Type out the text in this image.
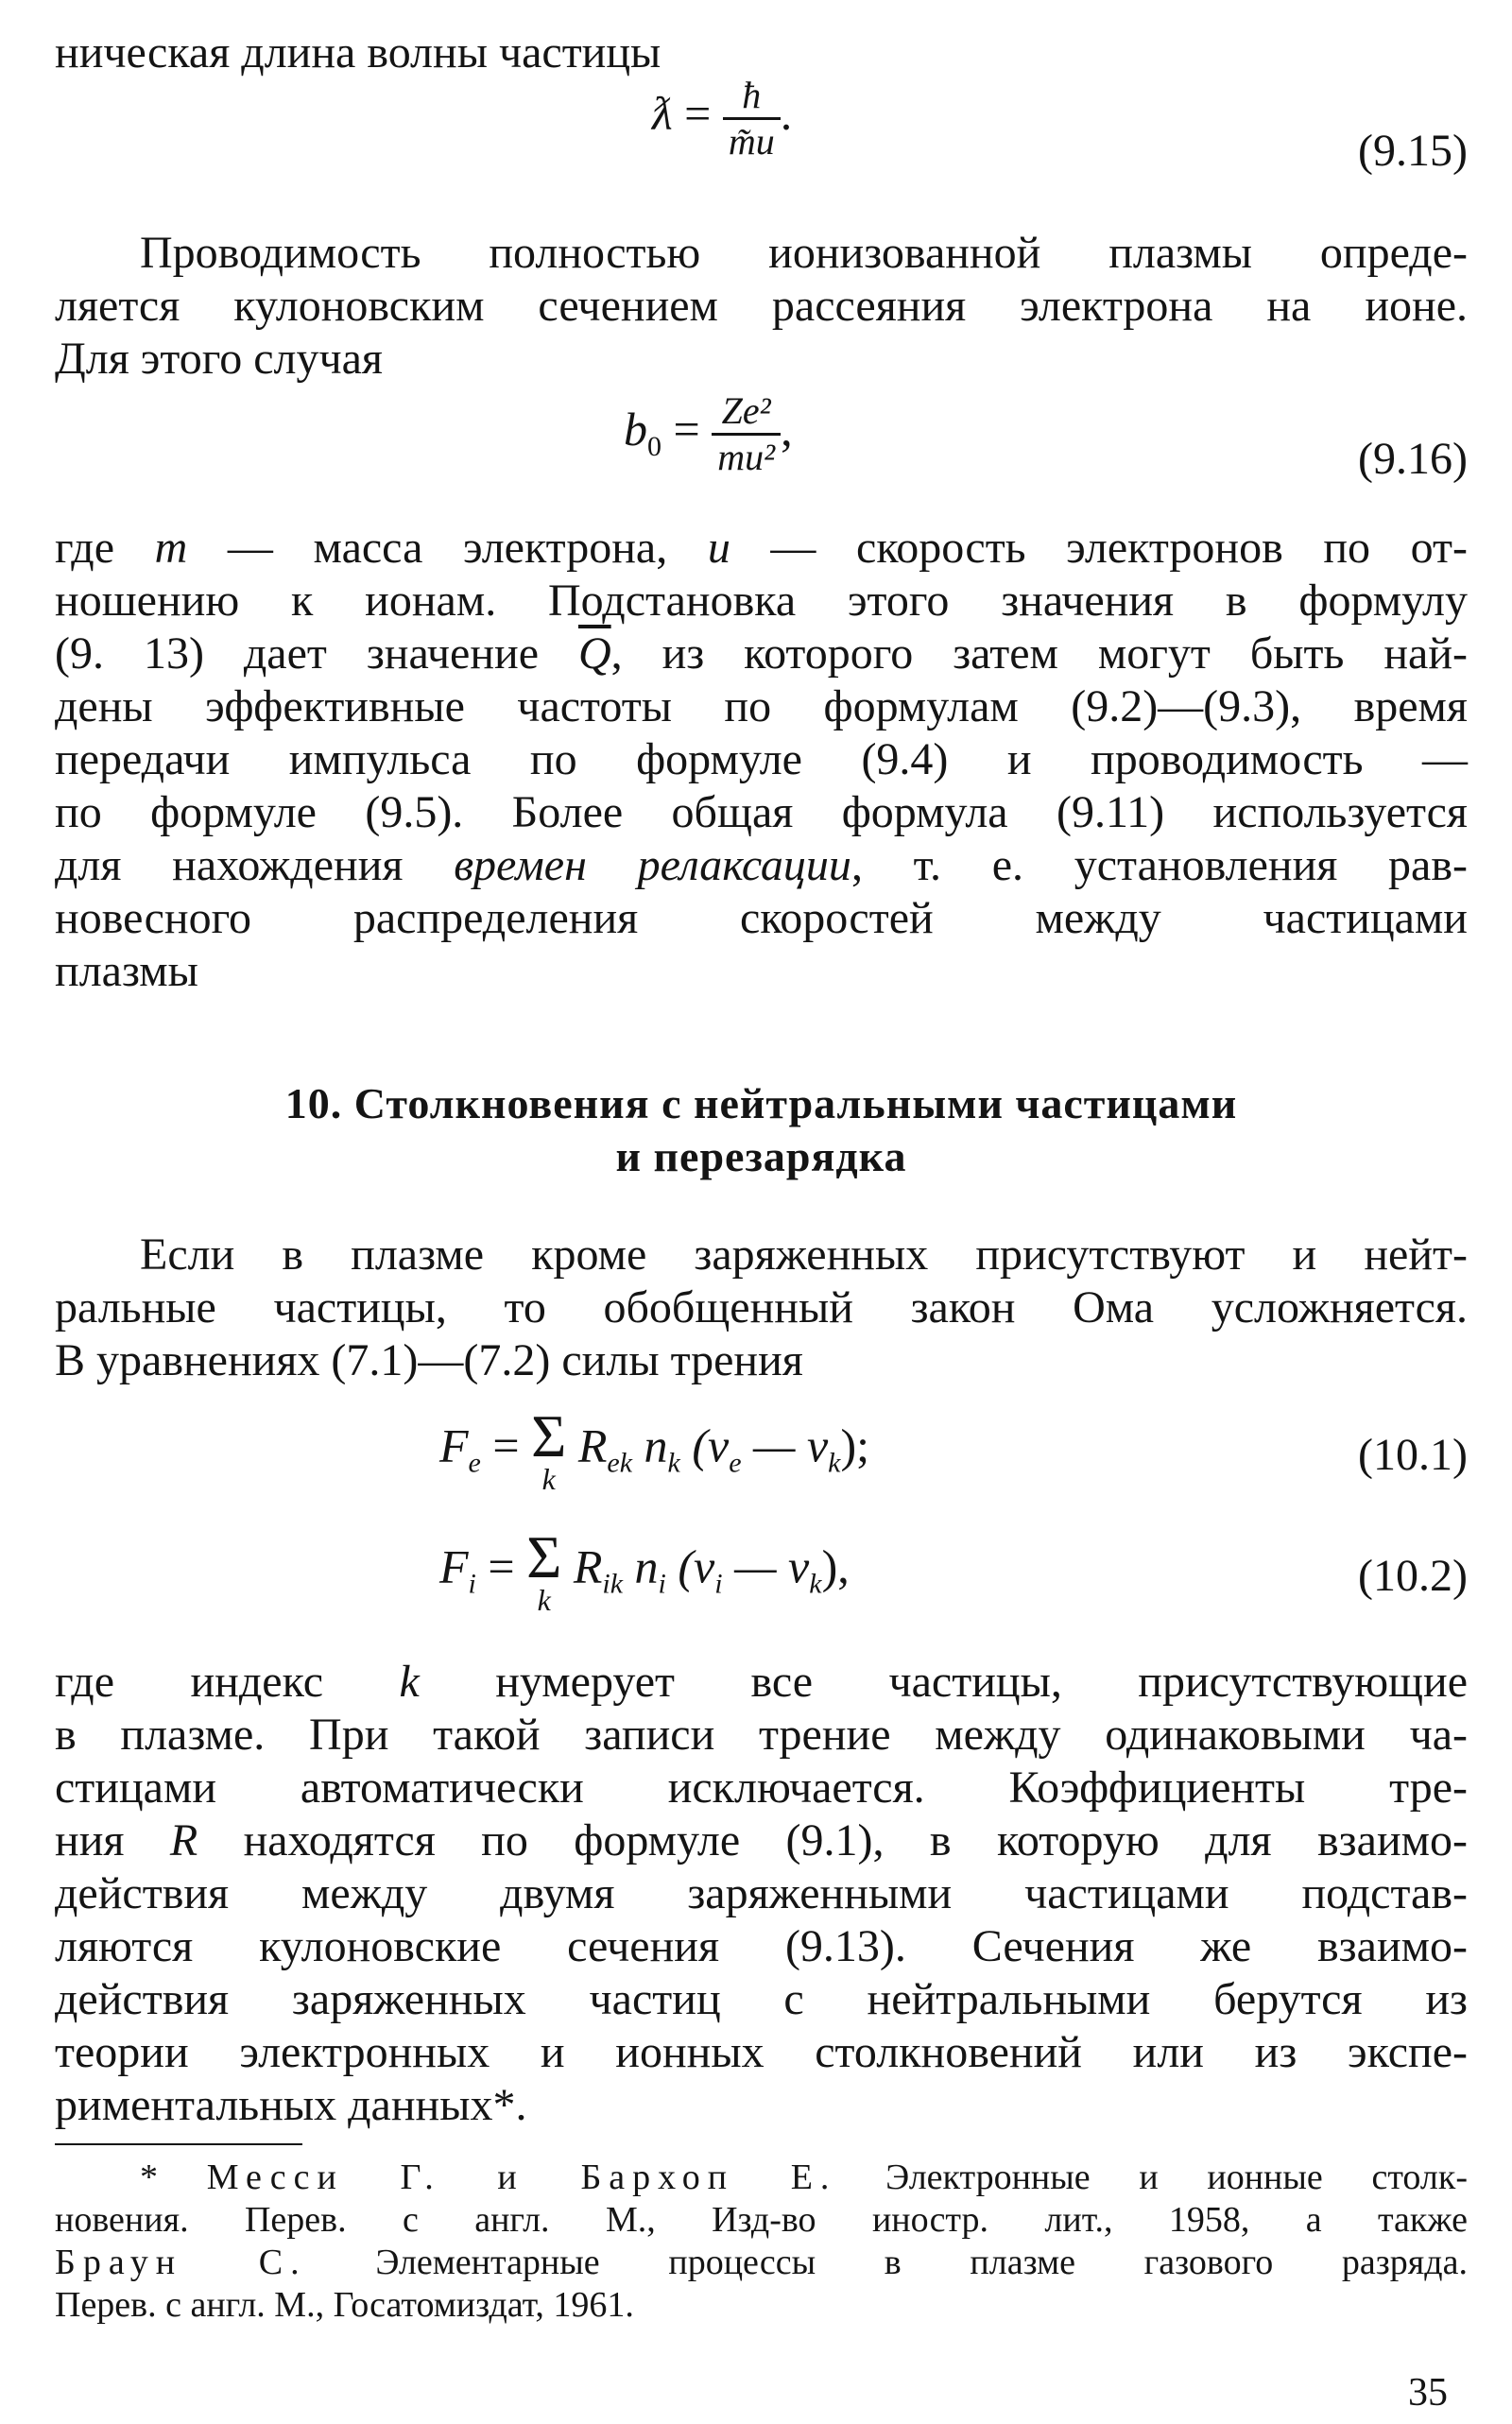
ническая длина волны частицы
ƛ = $\frac{ħ}{m̃u}$ .
(9.15)
Проводимость полностью ионизованной плазмы опреде-
ляется кулоновским сечением рассеяния электрона на ионе.
Для этого случая
$b_0 = \frac{\text{Ze²}}{\text{mu²}}$ ,
(9.16)
где m — масса электрона, u — скорость электронов по от-
ношению к ионам. Подстановка этого значения в формулу
(9. 13) дает значение $\overline{Q}$, из которого затем могут быть най-
дены эффективные частоты по формулам (9.2)—(9.3), время
передачи импульса по формуле (9.4) и проводимость —
по формуле (9.5). Более общая формула (9.11) используется
для нахождения времен релаксации, т. е. установления рав-
новесного распределения скоростей между частицами
плазмы
10. Столкновения с нейтральными частицами
и перезарядка
Если в плазме кроме заряженных присутствуют и нейт-
ральные частицы, то обобщенный закон Ома усложняется.
В уравнениях (7.1)—(7.2) силы трения
$F_e = \Sigma$
k
$R_{ek}$ $n_k$ ($v_e$ — $v_k$);	(10.1)
$F_i = \Sigma$
k
$R_{ik}$ $n_i$ ($v_i$ — $v_k$),	(10.2)
где индекс k нумерует все частицы, присутствующие
в плазме. При такой записи трение между одинаковыми ча-
стицами автоматически исключается. Коэффициенты тре-
ния R находятся по формуле (9.1), в которую для взаимо-
действия между двумя заряженными частицами подстав-
ляются кулоновские сечения (9.13). Сечения же взаимо-
действия заряженных частиц с нейтральными берутся из
теории электронных и ионных столкновений или из экспе-
риментальных данных*.
* Месси Г. и Бархоп Е. Электронные и ионные столк-
новения. Перев. с англ. М., Изд-во иностр. лит., 1958, а также
Браун С. Элементарные процессы в плазме газового разряда.
Перев. с англ. М., Госатомиздат, 1961.
35
